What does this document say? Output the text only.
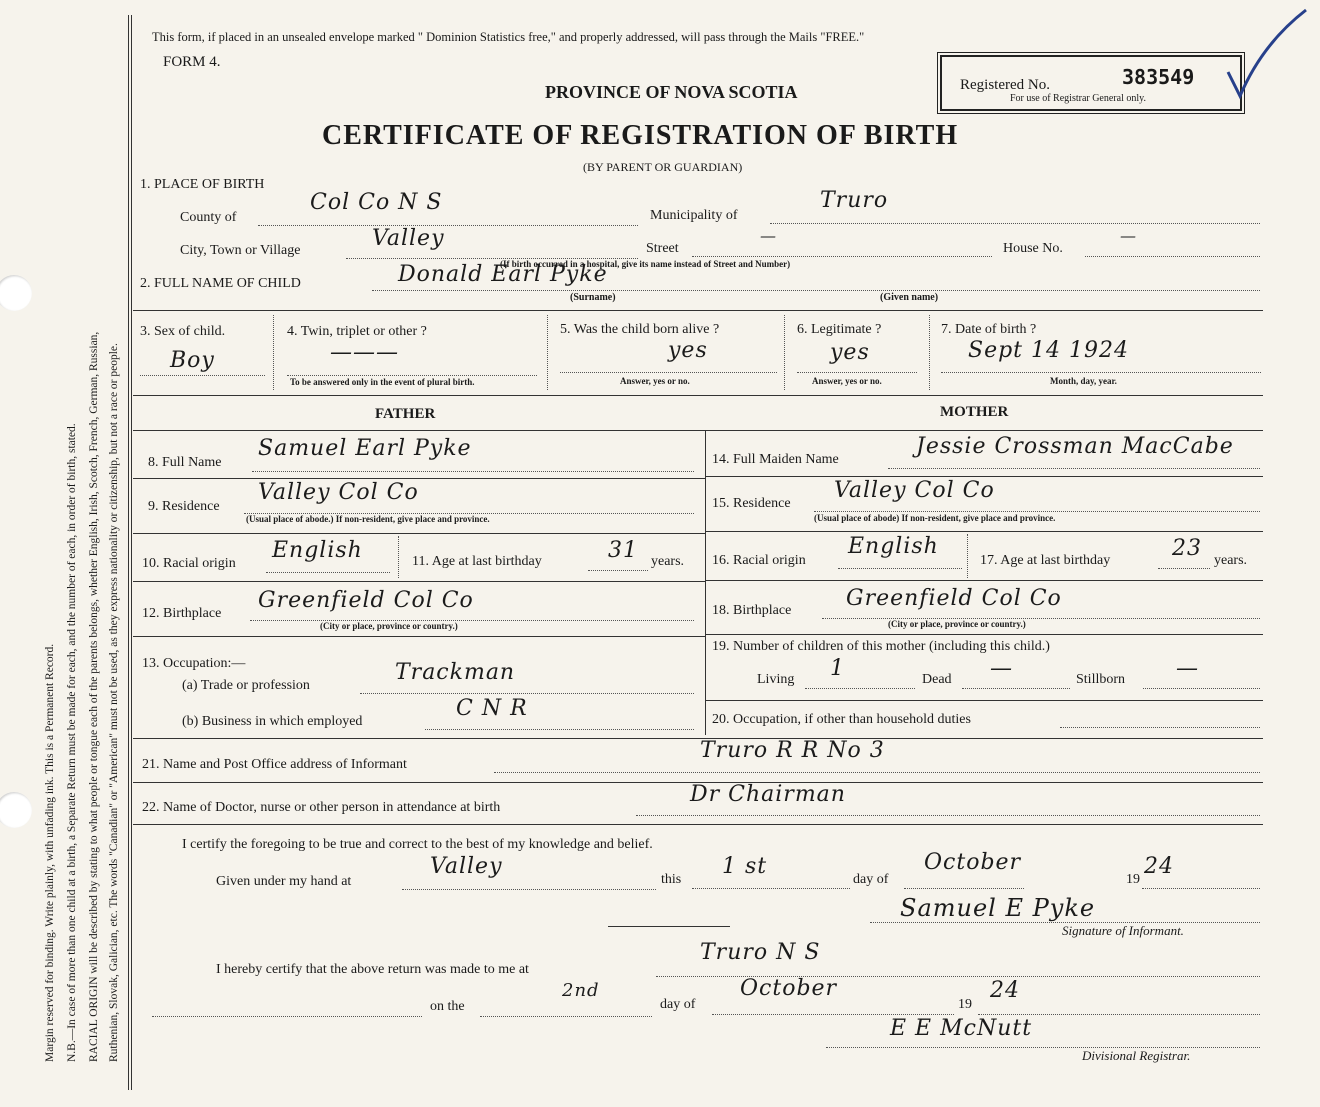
Margin reserved for binding. Write plainly, with unfading ink. This is a Permanent Record. N.B.—In case of more than one child at a birth, a Separate Return must be made for each, and the number of each, in order of birth, stated. RACIAL ORIGIN will be described by stating to what people or tongue each of the parents belongs, whether English, Irish, Scotch, French, German, Russian, Ruthenian, Slovak, Galician, etc. The words "Canadian" or "American" must not be used, as they express nationality or citizenship, but not a race or people.
This form, if placed in an unsealed envelope marked " Dominion Statistics free," and properly addressed, will pass through the Mails "FREE."
FORM 4.
PROVINCE OF NOVA SCOTIA
CERTIFICATE OF REGISTRATION OF BIRTH
(BY PARENT OR GUARDIAN)
Registered No.	383549
For use of Registrar General only.
1. PLACE OF BIRTH
County of
Col Co N S
Municipality of
Truro
City, Town or Village	Valley	Street
—
House No.
—
(If birth occurred in a hospital, give its name instead of Street and Number)
2. FULL NAME OF CHILD	Donald Earl Pyke
(Surname)	(Given name)
3. Sex of child.
Boy
4. Twin, triplet or other ?
———
To be answered only in the event of plural birth.
5. Was the child born alive ?
yes
Answer, yes or no.
6. Legitimate ?
yes
Answer, yes or no.
7. Date of birth ?
Sept 14 1924
Month, day, year.
FATHER	MOTHER
8. Full Name
Samuel Earl Pyke
9. Residence
Valley Col Co
(Usual place of abode.) If non-resident, give place and province.
10. Racial origin
English	11. Age at last birthday	31 years.
12. Birthplace
Greenfield Col Co
(City or place, province or country.)
13. Occupation:—
(a) Trade or profession
Trackman
(b) Business in which employed
C N R
14. Full Maiden Name
Jessie Crossman MacCabe
15. Residence
Valley Col Co
(Usual place of abode) If non-resident, give place and province.
16. Racial origin
English
17. Age at last birthday	23 years.
18. Birthplace Greenfield Col Co
(City or place, province or country.)
19. Number of children of this mother (including this child.)
Living 1	Dead —	Stillborn —
20. Occupation, if other than household duties
21. Name and Post Office address of Informant
Truro R R No 3
22. Name of Doctor, nurse or other person in attendance at birth
Dr Chairman
I certify the foregoing to be true and correct to the best of my knowledge and belief.
Given under my hand at
Valley
this
1 st
day of
October
19
24
Samuel E Pyke
Signature of Informant.
I hereby certify that the above return was made to me at
Truro N S
on the
2nd
day of
October
19
24
E E McNutt
Divisional Registrar.
